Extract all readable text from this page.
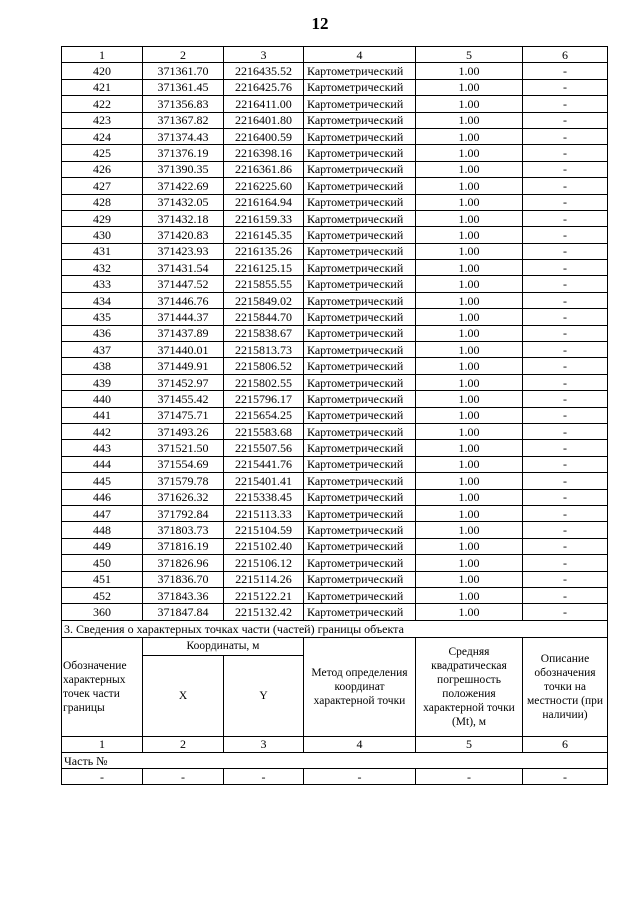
12
1	2	3	4	5	6
420	371361.70	2216435.52	Картометрический	1.00	-
421	371361.45	2216425.76	Картометрический	1.00	-
422	371356.83	2216411.00	Картометрический	1.00	-
423	371367.82	2216401.80	Картометрический	1.00	-
424	371374.43	2216400.59	Картометрический	1.00	-
425	371376.19	2216398.16	Картометрический	1.00	-
426	371390.35	2216361.86	Картометрический	1.00	-
427	371422.69	2216225.60	Картометрический	1.00	-
428	371432.05	2216164.94	Картометрический	1.00	-
429	371432.18	2216159.33	Картометрический	1.00	-
430	371420.83	2216145.35	Картометрический	1.00	-
431	371423.93	2216135.26	Картометрический	1.00	-
432	371431.54	2216125.15	Картометрический	1.00	-
433	371447.52	2215855.55	Картометрический	1.00	-
434	371446.76	2215849.02	Картометрический	1.00	-
435	371444.37	2215844.70	Картометрический	1.00	-
436	371437.89	2215838.67	Картометрический	1.00	-
437	371440.01	2215813.73	Картометрический	1.00	-
438	371449.91	2215806.52	Картометрический	1.00	-
439	371452.97	2215802.55	Картометрический	1.00	-
440	371455.42	2215796.17	Картометрический	1.00	-
441	371475.71	2215654.25	Картометрический	1.00	-
442	371493.26	2215583.68	Картометрический	1.00	-
443	371521.50	2215507.56	Картометрический	1.00	-
444	371554.69	2215441.76	Картометрический	1.00	-
445	371579.78	2215401.41	Картометрический	1.00	-
446	371626.32	2215338.45	Картометрический	1.00	-
447	371792.84	2215113.33	Картометрический	1.00	-
448	371803.73	2215104.59	Картометрический	1.00	-
449	371816.19	2215102.40	Картометрический	1.00	-
450	371826.96	2215106.12	Картометрический	1.00	-
451	371836.70	2215114.26	Картометрический	1.00	-
452	371843.36	2215122.21	Картометрический	1.00	-
360	371847.84	2215132.42	Картометрический	1.00	-
3. Сведения о характерных точках части (частей) границы объекта					
Обозначение характерных точек части границы	Координаты, м		Метод определения координат характерной точки	Средняя квадратическая погрешность положения характерной точки (Mt), м	Описание обозначения точки на местности (при наличии)
	X	Y			
1	2	3	4	5	6
Часть №					
-	-	-	-	-	-
